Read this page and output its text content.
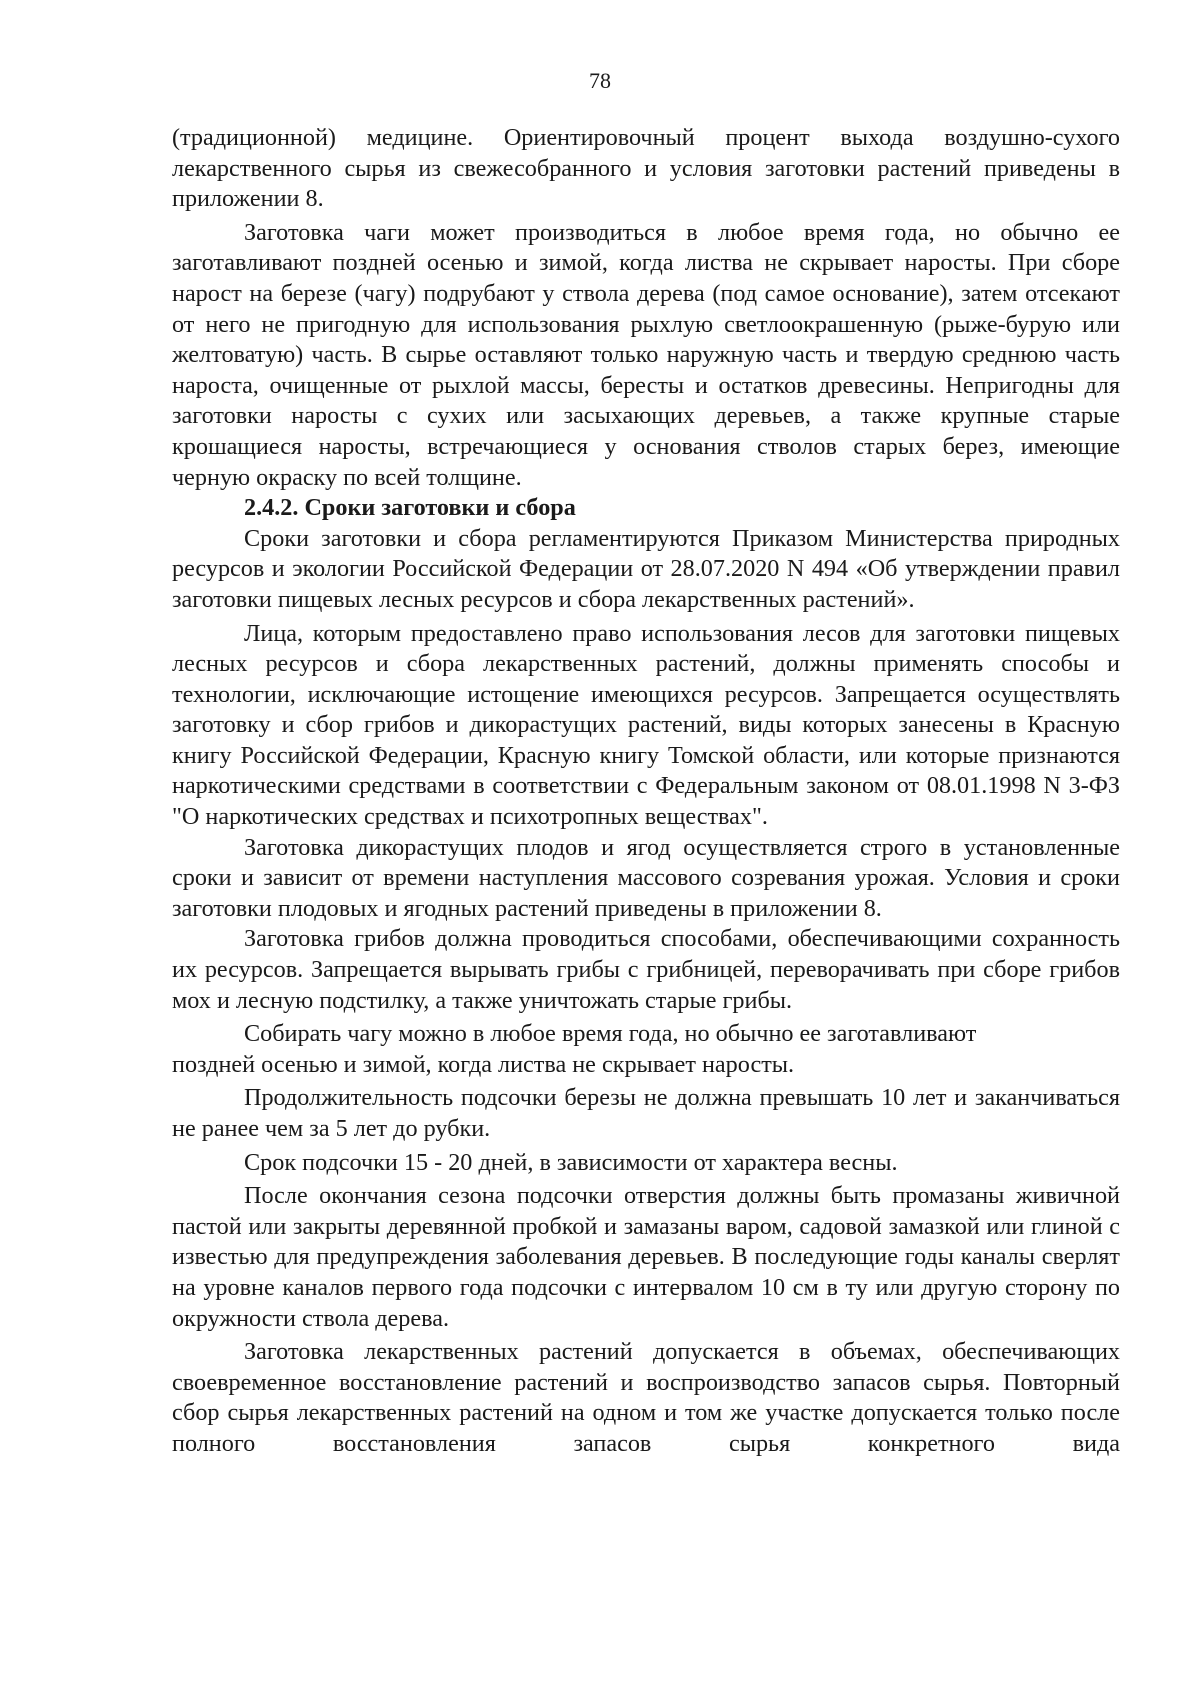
78

(традиционной) медицине. Ориентировочный процент выхода воздушно-сухого лекарственного сырья из свежесобранного и условия заготовки растений приведены в приложении 8.

Заготовка чаги может производиться в любое время года, но обычно ее заготавливают поздней осенью и зимой, когда листва не скрывает наросты. При сборе нарост на березе (чагу) подрубают у ствола дерева (под самое основание), затем отсекают от него не пригодную для использования рыхлую светлоокрашенную (рыже-бурую или желтоватую) часть. В сырье оставляют только наружную часть и твердую среднюю часть нароста, очищенные от рыхлой массы, бересты и остатков древесины. Непригодны для заготовки наросты с сухих или засыхающих деревьев, а также крупные старые крошащиеся наросты, встречающиеся у основания стволов старых берез, имеющие черную окраску по всей толщине.

2.4.2. Сроки заготовки и сбора

Сроки заготовки и сбора регламентируются Приказом Министерства природных ресурсов и экологии Российской Федерации от 28.07.2020 N 494 «Об утверждении правил заготовки пищевых лесных ресурсов и сбора лекарственных растений».

Лица, которым предоставлено право использования лесов для заготовки пищевых лесных ресурсов и сбора лекарственных растений, должны применять способы и технологии, исключающие истощение имеющихся ресурсов. Запрещается осуществлять заготовку и сбор грибов и дикорастущих растений, виды которых занесены в Красную книгу Российской Федерации, Красную книгу Томской области, или которые признаются наркотическими средствами в соответствии с Федеральным законом от 08.01.1998 N 3-ФЗ "О наркотических средствах и психотропных веществах".

Заготовка дикорастущих плодов и ягод осуществляется строго в установленные сроки и зависит от времени наступления массового созревания урожая. Условия и сроки заготовки плодовых и ягодных растений приведены в приложении 8.

Заготовка грибов должна проводиться способами, обеспечивающими сохранность их ресурсов. Запрещается вырывать грибы с грибницей, переворачивать при сборе грибов мох и лесную подстилку, а также уничтожать старые грибы.

Собирать чагу можно в любое время года, но обычно ее заготавливают

поздней осенью и зимой, когда листва не скрывает наросты.

Продолжительность подсочки березы не должна превышать 10 лет и заканчиваться не ранее чем за 5 лет до рубки.

Срок подсочки 15 - 20 дней, в зависимости от характера весны.

После окончания сезона подсочки отверстия должны быть промазаны живичной пастой или закрыты деревянной пробкой и замазаны варом, садовой замазкой или глиной с известью для предупреждения заболевания деревьев. В последующие годы каналы сверлят на уровне каналов первого года подсочки с интервалом 10 см в ту или другую сторону по окружности ствола дерева.

Заготовка лекарственных растений допускается в объемах, обеспечивающих своевременное восстановление растений и воспроизводство запасов сырья. Повторный сбор сырья лекарственных растений на одном и том же участке допускается только после полного восстановления запасов сырья конкретного вида
